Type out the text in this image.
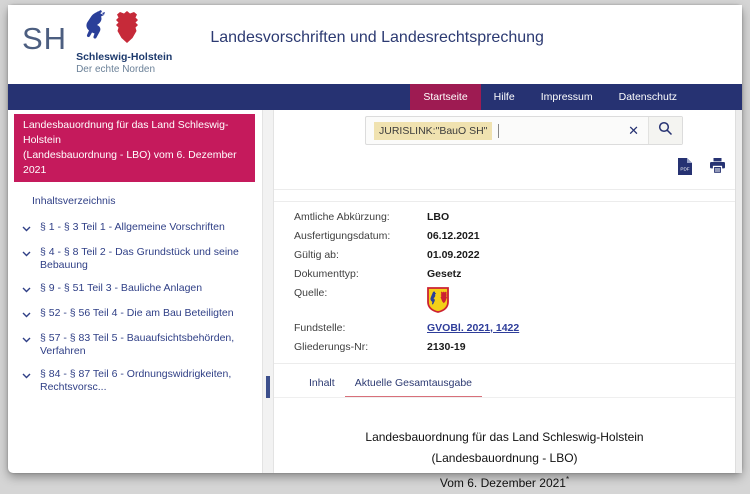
SH
Schleswig-Holstein
Der echte Norden
Landesvorschriften und Landesrechtsprechung
Startseite	Hilfe	Impressum	Datenschutz
Landesbauordnung für das Land Schleswig-Holstein
(Landesbauordnung - LBO) vom 6. Dezember 2021
Inhaltsverzeichnis
§ 1 - § 3 Teil 1 - Allgemeine Vorschriften
§ 4 - § 8 Teil 2 - Das Grundstück und seine Bebauung
§ 9 - § 51 Teil 3 - Bauliche Anlagen
§ 52 - § 56 Teil 4 - Die am Bau Beteiligten
§ 57 - § 83 Teil 5 - Bauaufsichtsbehörden, Verfahren
§ 84 - § 87 Teil 6 - Ordnungswidrigkeiten, Rechtsvorsc...
JURISLINK:"BauO SH"	✕
PDF
Amtliche Abkürzung:	LBO
Ausfertigungsdatum:	06.12.2021
Gültig ab:	01.09.2022
Dokumenttyp:	Gesetz
Quelle:
Fundstelle:	GVOBl. 2021, 1422
Gliederungs-Nr:	2130-19
Inhalt	Aktuelle Gesamtausgabe
Landesbauordnung für das Land Schleswig-Holstein
(Landesbauordnung - LBO)
Vom 6. Dezember 2021*
